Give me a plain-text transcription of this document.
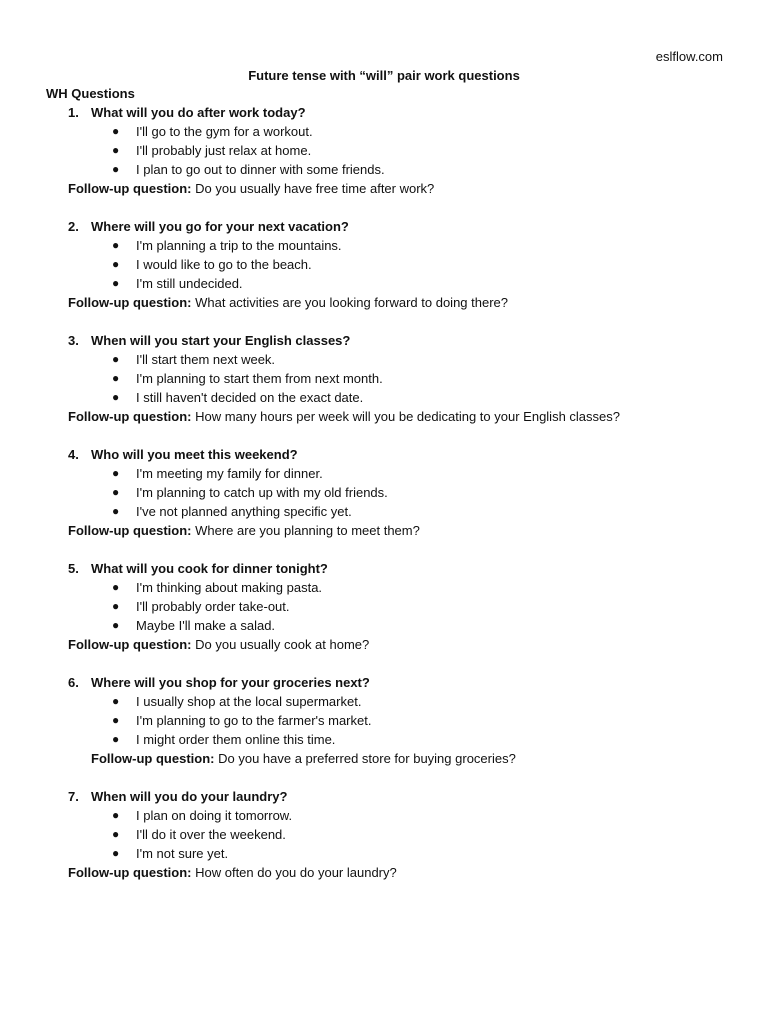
eslflow.com
Future tense with “will” pair work questions
WH Questions
1. What will you do after work today?
● I'll go to the gym for a workout.
● I'll probably just relax at home.
● I plan to go out to dinner with some friends.
Follow-up question: Do you usually have free time after work?
2. Where will you go for your next vacation?
● I'm planning a trip to the mountains.
● I would like to go to the beach.
● I'm still undecided.
Follow-up question: What activities are you looking forward to doing there?
3. When will you start your English classes?
● I'll start them next week.
● I'm planning to start them from next month.
● I still haven't decided on the exact date.
Follow-up question: How many hours per week will you be dedicating to your English classes?
4. Who will you meet this weekend?
● I'm meeting my family for dinner.
● I'm planning to catch up with my old friends.
● I've not planned anything specific yet.
Follow-up question: Where are you planning to meet them?
5. What will you cook for dinner tonight?
● I'm thinking about making pasta.
● I'll probably order take-out.
● Maybe I'll make a salad.
Follow-up question: Do you usually cook at home?
6. Where will you shop for your groceries next?
● I usually shop at the local supermarket.
● I'm planning to go to the farmer's market.
● I might order them online this time.
Follow-up question: Do you have a preferred store for buying groceries?
7. When will you do your laundry?
● I plan on doing it tomorrow.
● I'll do it over the weekend.
● I'm not sure yet.
Follow-up question: How often do you do your laundry?
